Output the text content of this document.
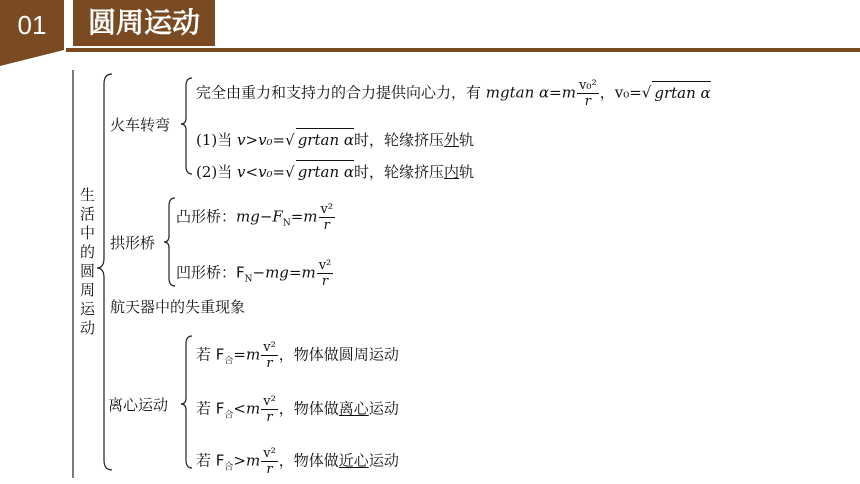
01	圆周运动
生活中的圆周运动
火车转弯
完全由重力和支持力的合力提供向心力，有 mgtan $\alpha=m \frac{\text{v₀²}}{r}$ ，v₀=√ grtan α
(1)当 v>v₀=√ grtan α时，轮缘挤压外轨
(2)当 v<v₀=√ grtan α时，轮缘挤压内轨
拱形桥
凸形桥：$mg-F_N=m \frac{\text{v²}}{r}$
凹形桥：$F_N-mg=m \frac{\text{v²}}{r}$
航天器中的失重现象
离心运动
若 $F_合=m \frac{\text{v²}}{r}$ ，物体做圆周运动
若 $F_合<m \frac{\text{v²}}{r}$ ，物体做离心运动
若 $F_合>m \frac{\text{v²}}{r}$ ，物体做近心运动
